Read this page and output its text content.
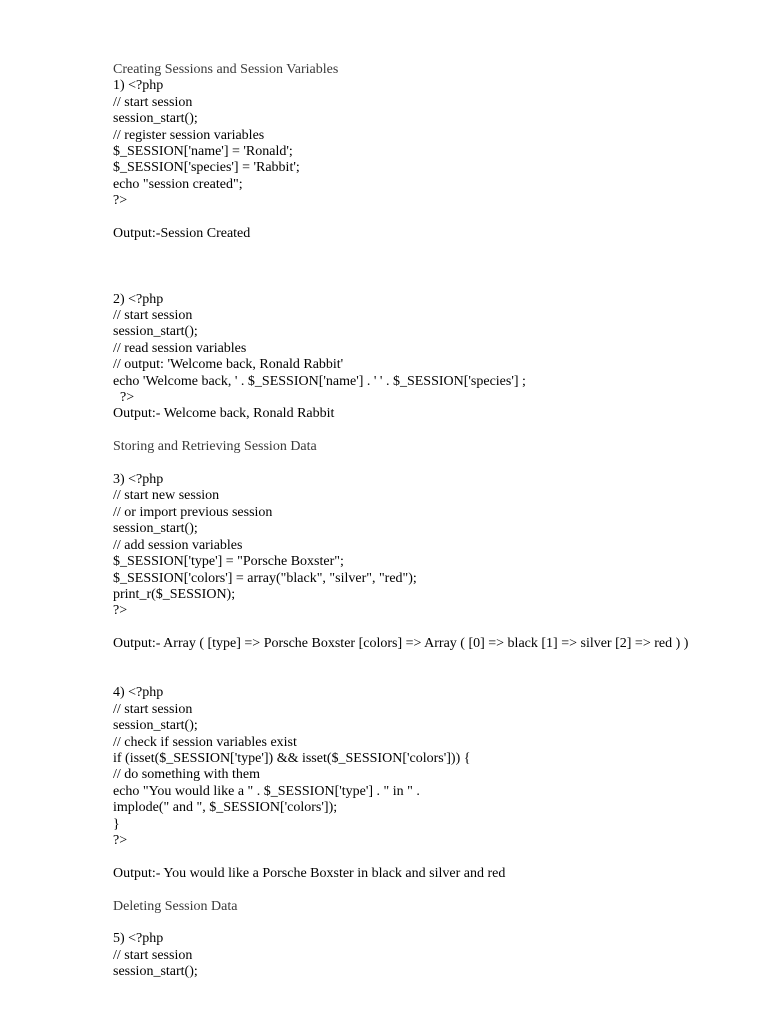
Creating Sessions and Session Variables
1) <?php
// start session
session_start();
// register session variables
$_SESSION['name'] = 'Ronald';
$_SESSION['species'] = 'Rabbit';
echo "session created";
?>
Output:-Session Created
2) <?php
// start session
session_start();
// read session variables
// output: 'Welcome back, Ronald Rabbit'
echo 'Welcome back, ' . $_SESSION['name'] . ' ' . $_SESSION['species'] ;
?>
Output:- Welcome back, Ronald Rabbit
Storing and Retrieving Session Data
3) <?php
// start new session
// or import previous session
session_start();
// add session variables
$_SESSION['type'] = "Porsche Boxster";
$_SESSION['colors'] = array("black", "silver", "red");
print_r($_SESSION);
?>
Output:- Array ( [type] => Porsche Boxster [colors] => Array ( [0] => black [1] => silver [2] => red ) )
4) <?php
// start session
session_start();
// check if session variables exist
if (isset($_SESSION['type']) && isset($_SESSION['colors'])) {
// do something with them
echo "You would like a " . $_SESSION['type'] . " in " .
implode(" and ", $_SESSION['colors']);
}
?>
Output:- You would like a Porsche Boxster in black and silver and red
Deleting Session Data
5) <?php
// start session
session_start();
